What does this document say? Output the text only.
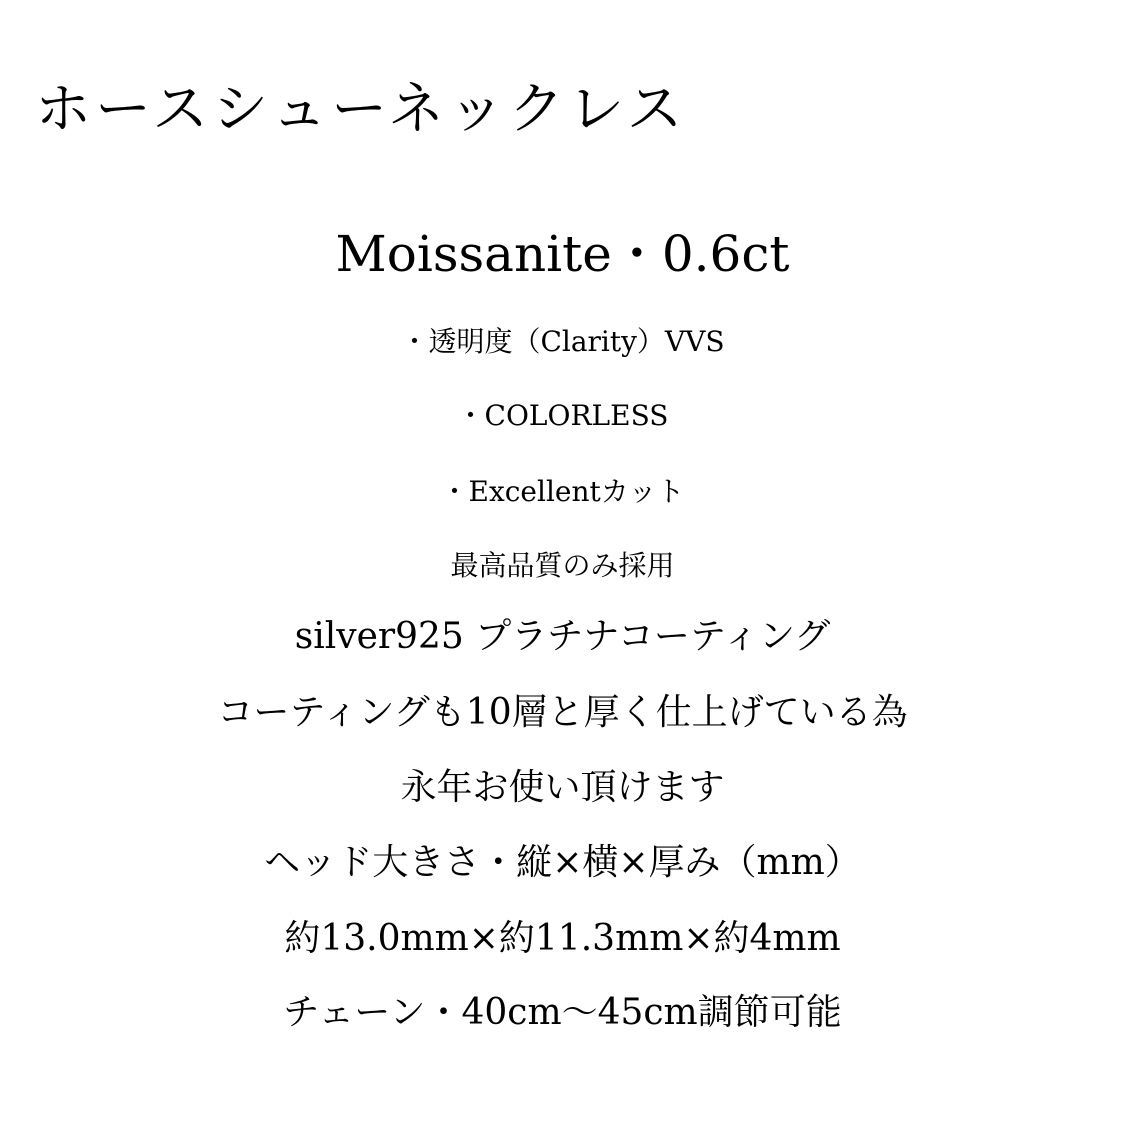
ホースシューネックレス
Moissanite・0.6ct
・透明度（Clarity）VVS
・COLORLESS
・Excellentカット
最高品質のみ採用
silver925 プラチナコーティング
コーティングも10層と厚く仕上げている為
永年お使い頂けます
ヘッド大きさ・縦×横×厚み（mm）
約13.0mm×約11.3mm×約4mm
チェーン・40cm〜45cm調節可能
